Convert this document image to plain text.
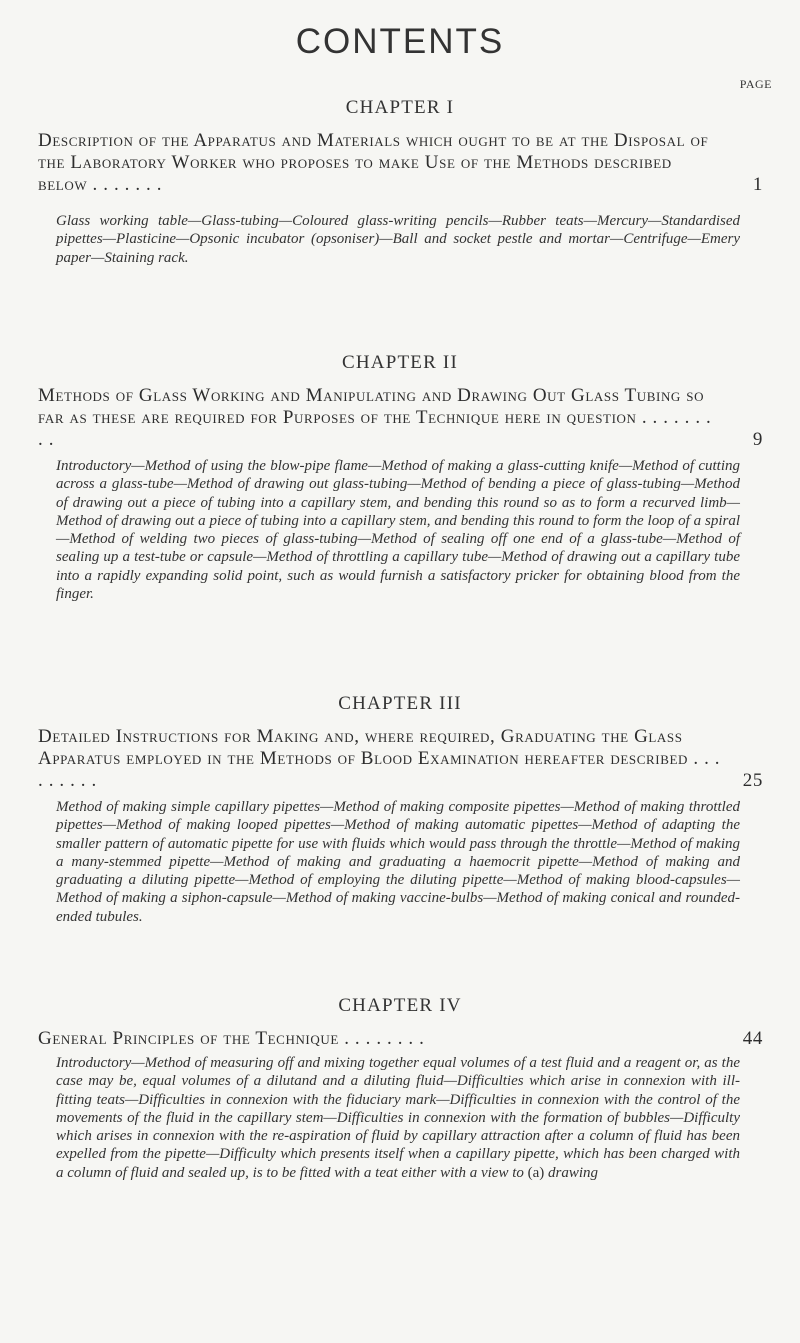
CONTENTS
PAGE
CHAPTER I
Description of the Apparatus and Materials which ought to be at the Disposal of the Laboratory Worker who proposes to make Use of the Methods described below . . . . . . .	1

Glass working table—Glass-tubing—Coloured glass-writing pencils—Rubber teats—Mercury—Standardised pipettes—Plasticine—Opsonic incubator (opsoniser)—Ball and socket pestle and mortar—Centrifuge—Emery paper—Staining rack.

CHAPTER II
Methods of Glass Working and Manipulating and Drawing Out Glass Tubing so far as these are required for Purposes of the Technique here in question . . . . . . . . .	9

Introductory—Method of using the blow-pipe flame—Method of making a glass-cutting knife—Method of cutting across a glass-tube—Method of drawing out glass-tubing—Method of bending a piece of glass-tubing—Method of drawing out a piece of tubing into a capillary stem, and bending this round so as to form a recurved limb—Method of drawing out a piece of tubing into a capillary stem, and bending this round to form the loop of a spiral—Method of welding two pieces of glass-tubing—Method of sealing off one end of a glass-tube—Method of sealing up a test-tube or capsule—Method of throttling a capillary tube—Method of drawing out a capillary tube into a rapidly expanding solid point, such as would furnish a satisfactory pricker for obtaining blood from the finger.

CHAPTER III
Detailed Instructions for Making and, where required, Graduating the Glass Apparatus employed in the Methods of Blood Examination hereafter described . . . . . . . . .	25

Method of making simple capillary pipettes—Method of making composite pipettes—Method of making throttled pipettes—Method of making looped pipettes—Method of making automatic pipettes—Method of adapting the smaller pattern of automatic pipette for use with fluids which would pass through the throttle—Method of making a many-stemmed pipette—Method of making and graduating a haemocrit pipette—Method of making and graduating a diluting pipette—Method of employing the diluting pipette—Method of making blood-capsules—Method of making a siphon-capsule—Method of making vaccine-bulbs—Method of making conical and rounded-ended tubules.

CHAPTER IV
General Principles of the Technique . . . . . . . .	44

Introductory—Method of measuring off and mixing together equal volumes of a test fluid and a reagent or, as the case may be, equal volumes of a dilutand and a diluting fluid—Difficulties which arise in connexion with ill-fitting teats—Difficulties in connexion with the fiduciary mark—Difficulties in connexion with the control of the movements of the fluid in the capillary stem—Difficulties in connexion with the formation of bubbles—Difficulty which arises in connexion with the re-aspiration of fluid by capillary attraction after a column of fluid has been expelled from the pipette—Difficulty which presents itself when a capillary pipette, which has been charged with a column of fluid and sealed up, is to be fitted with a teat either with a view to (a) drawing
